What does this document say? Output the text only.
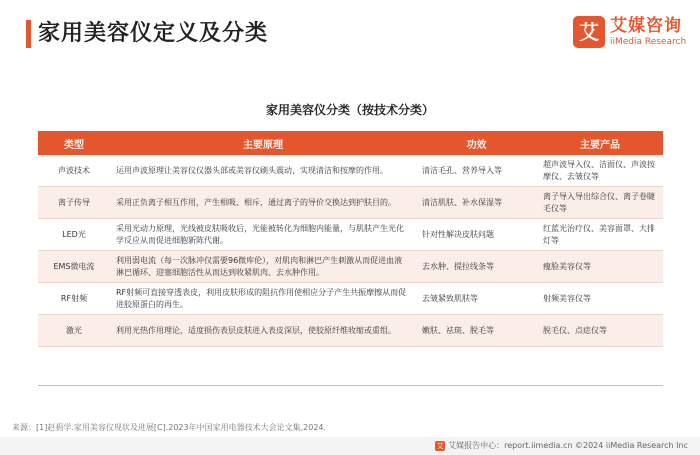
家用美容仪定义及分类	艾 艾媒咨询
iiMedia Research
家用美容仪分类（按技术分类）
类型	主要原理	功效	主要产品
声波技术	运用声波原理让美容仪仪器头部或美容仪刷头震动，实现清洁和按摩的作用。	清洁毛孔、营养导入等	超声波导入仪、洁面仪、声波按摩仪、去皱仪等
离子传导	采用正负离子相互作用，产生相吸、相斥，通过离子的导价交换达到护肤目的。	清洁肌肤、补水保湿等	离子导入导出综合仪、离子卷睫毛仪等
LED光	采用光动力原理，光线被皮肤吸收后，光能被转化为细胞内能量，与肌肤产生光化学反应从而促进细胞新陈代谢。	针对性解决皮肤问题	红蓝光治疗仪、美容面罩、大排灯等
EMS微电流	利用弱电流（每一次脉冲仅需要96微库伦），对肌肉和淋巴产生刺激从而促进血液淋巴循环、迎塞细胞活性从而达到收紧肌肉、去水肿作用。	去水肿、提拉线条等	瘦脸美容仪等
RF射频	RF射频可直接穿透表皮，利用皮肤形成的阻抗作用使相应分子产生共振摩擦从而促进胶原蛋白的再生。	去皱紧致肌肤等	射频美容仪等
激光	利用光热作用理论，适度损伤表层皮肤进入表皮深层，使胶原纤维收缩或重组。	嫩肤、祛斑、脱毛等	脱毛仪、点痣仪等
来源：[1]赵捐学.家用美容仪现状及进展[C].2023年中国家用电器技术大会论文集,2024.
艾 艾媒报告中心：report.iimedia.cn ©2024 iiMedia Research Inc
